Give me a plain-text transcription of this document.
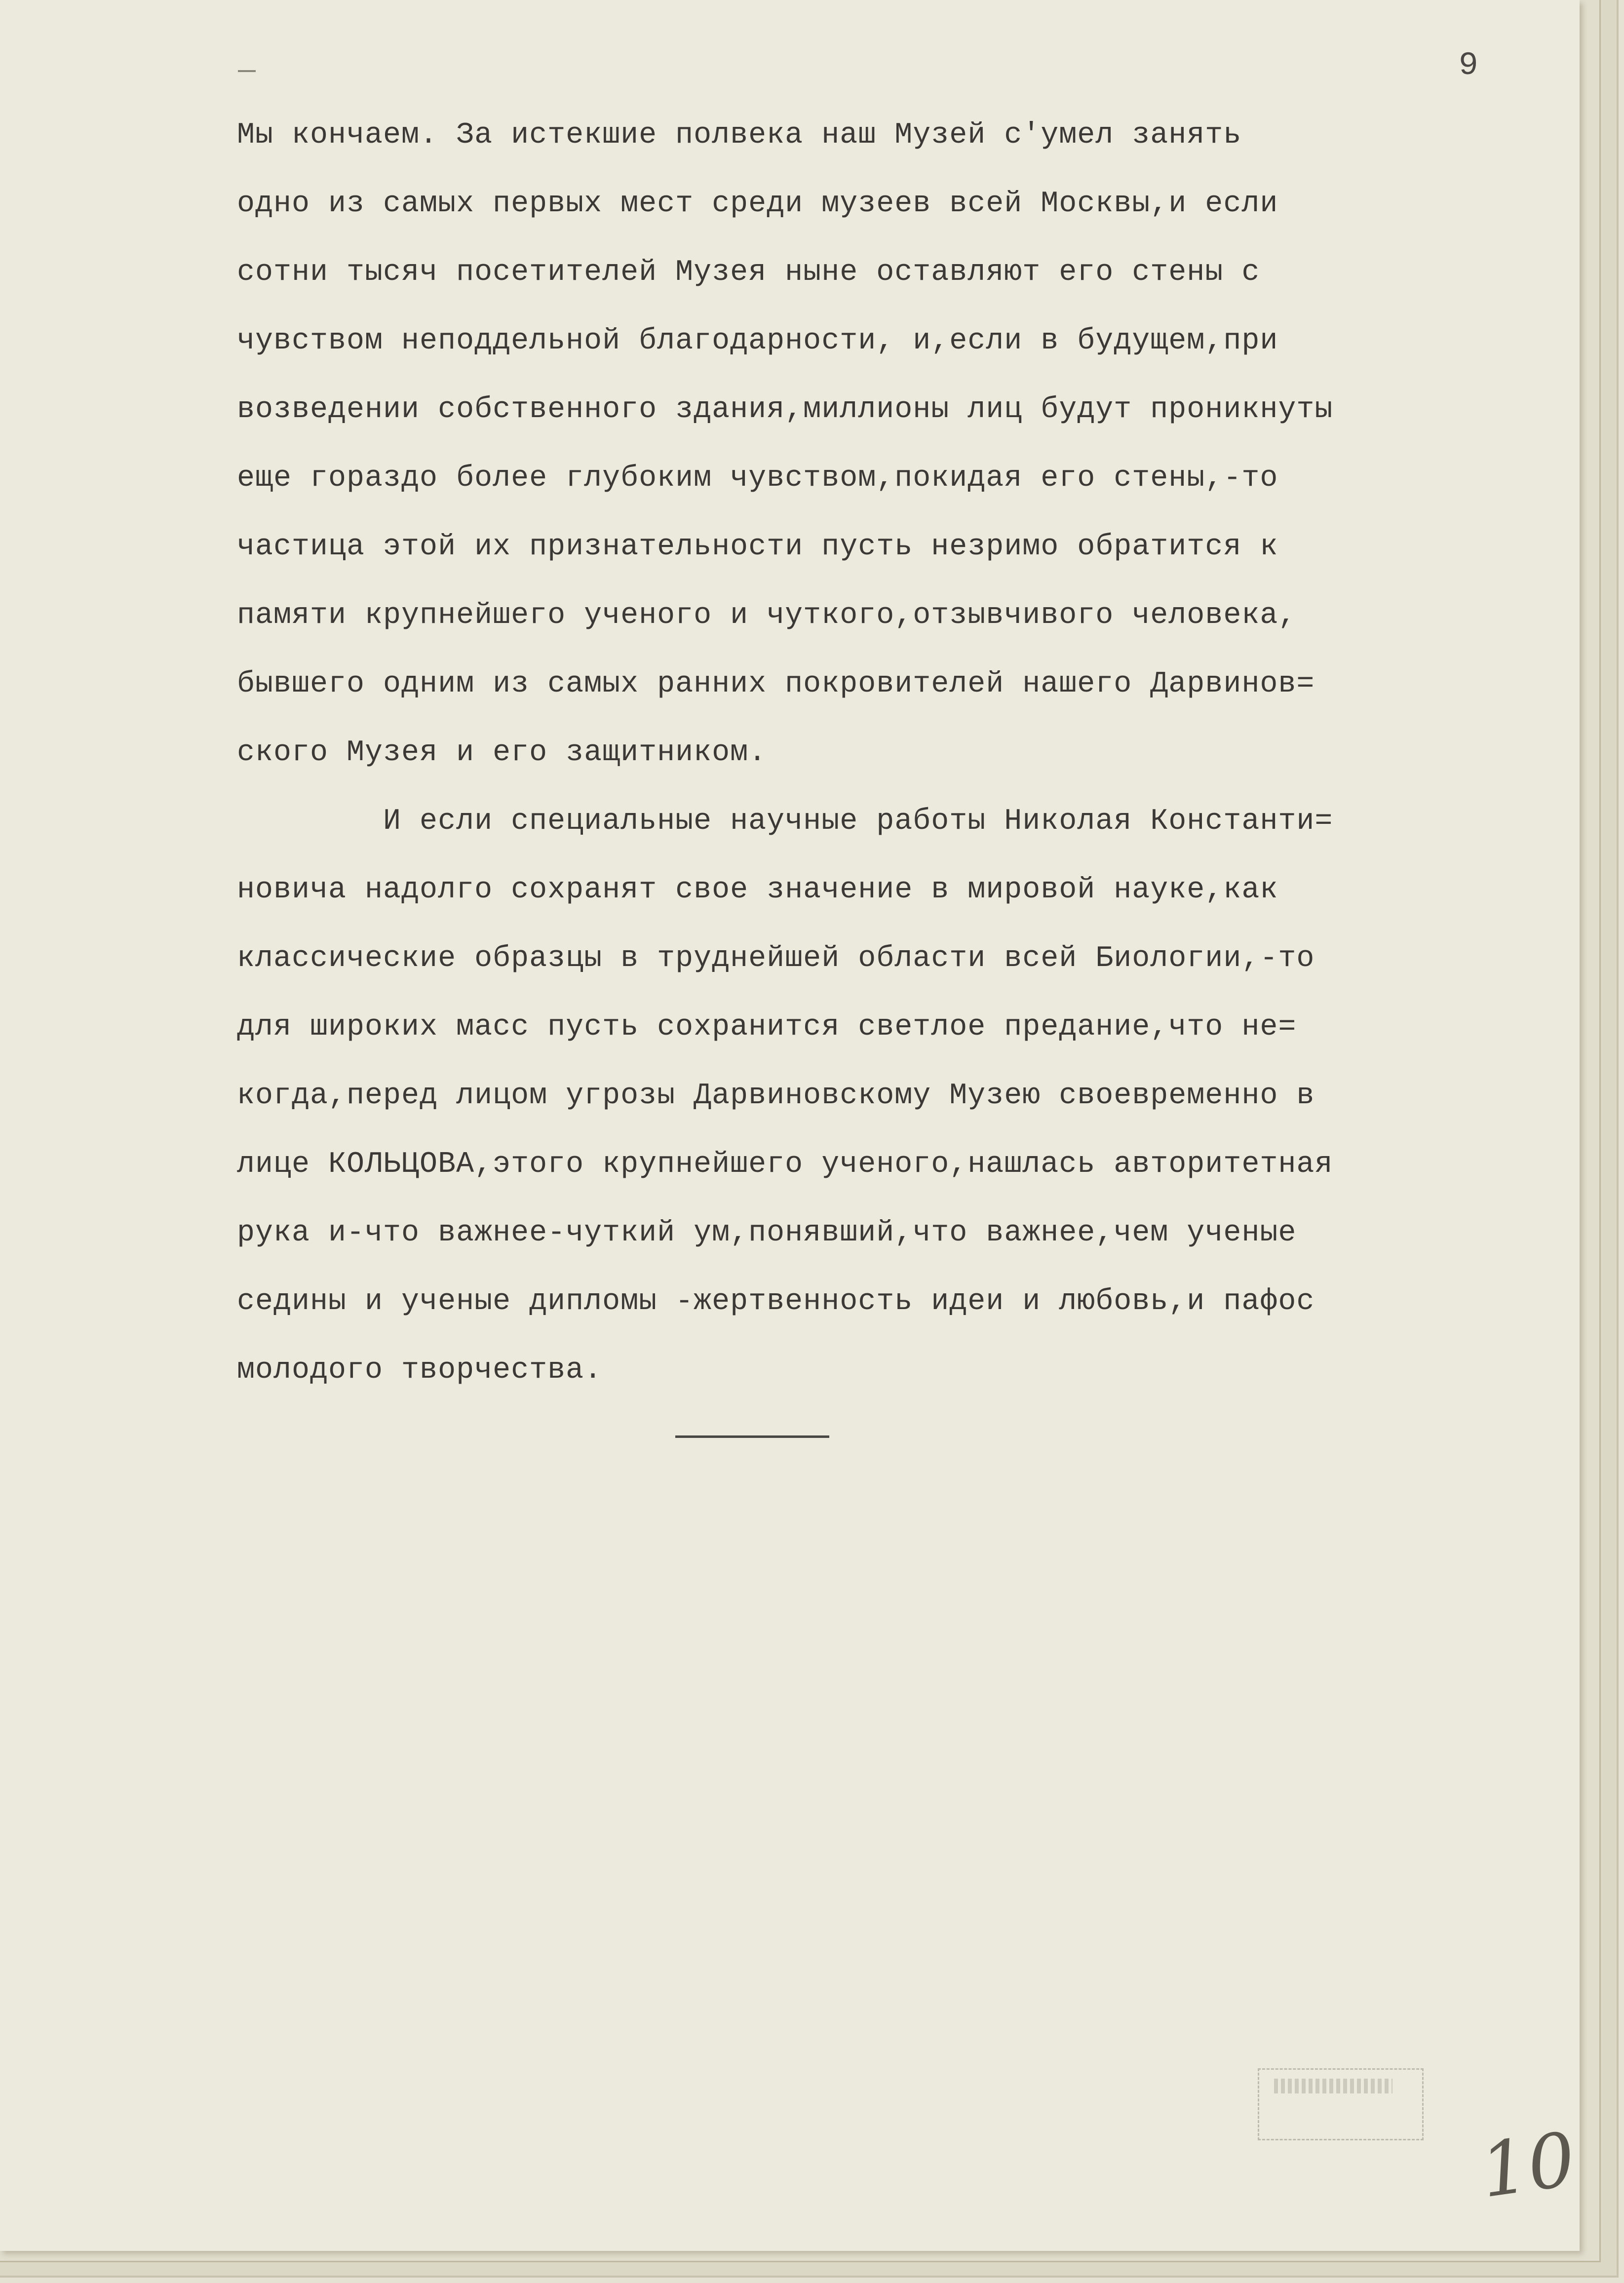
9
Мы кончаем. За истекшие полвека наш Музей с'умел занять
одно из самых первых мест среди музеев всей Москвы,и если
сотни тысяч посетителей Музея ныне оставляют его стены с
чувством неподдельной благодарности, и,если в будущем,при
возведении собственного здания,миллионы лиц будут проникнуты
еще гораздо более глубоким чувством,покидая его стены,-то
частица этой их признательности пусть незримо обратится к
памяти крупнейшего ученого и чуткого,отзывчивого человека,
бывшего одним из самых ранних покровителей нашего Дарвинов=
ского Музея и его защитником.
И если специальные научные работы Николая Константи=
новича надолго сохранят свое значение в мировой науке,как
классические образцы в труднейшей области всей Биологии,-то
для широких масс пусть сохранится светлое предание,что не=
когда,перед лицом угрозы Дарвиновскому Музею своевременно в
лице КОЛЬЦОВА,этого крупнейшего ученого,нашлась авторитетная
рука и-что важнее-чуткий ум,понявший,что важнее,чем ученые
седины и ученые дипломы -жертвенность идеи и любовь,и пафос
молодого творчества.
10
